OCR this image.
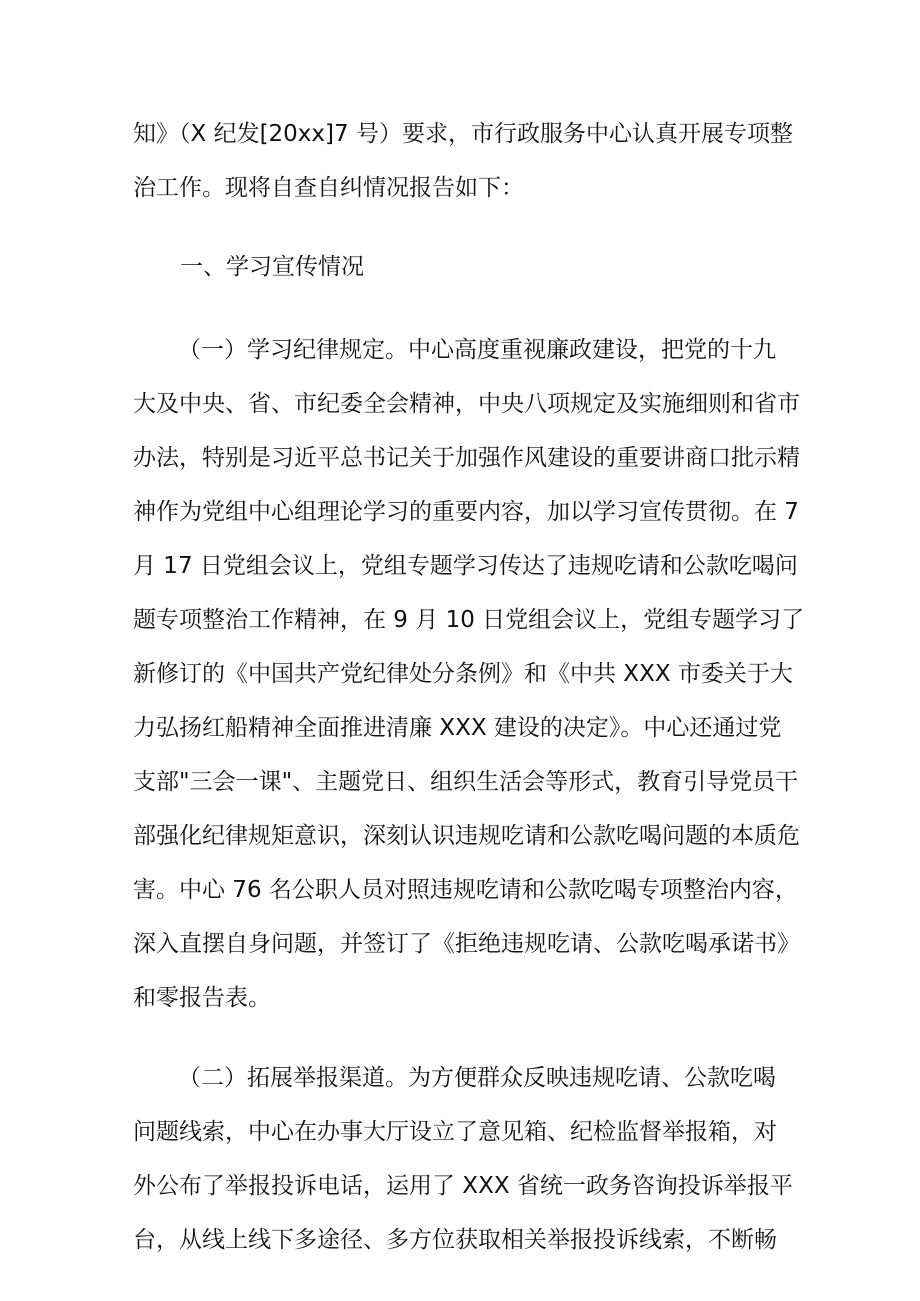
知》（X 纪发[20xx]7 号）要求，市行政服务中心认真开展专项整

治工作。现将自查自纠情况报告如下：

一、学习宣传情况

（一）学习纪律规定。中心高度重视廉政建设，把党的十九

大及中央、省、市纪委全会精神，中央八项规定及实施细则和省市

办法，特别是习近平总书记关于加强作风建设的重要讲商口批示精

神作为党组中心组理论学习的重要内容，加以学习宣传贯彻。在 7

月 17 日党组会议上，党组专题学习传达了违规吃请和公款吃喝问

题专项整治工作精神，在 9 月 10 日党组会议上，党组专题学习了

新修订的《中国共产党纪律处分条例》和《中共 XXX 市委关于大

力弘扬红船精神全面推进清廉 XXX 建设的决定》。中心还通过党

支部"三会一课"、主题党日、组织生活会等形式，教育引导党员干

部强化纪律规矩意识，深刻认识违规吃请和公款吃喝问题的本质危

害。中心 76 名公职人员对照违规吃请和公款吃喝专项整治内容，

深入直摆自身问题，并签订了《拒绝违规吃请、公款吃喝承诺书》

和零报告表。

（二）拓展举报渠道。为方便群众反映违规吃请、公款吃喝

问题线索，中心在办事大厅设立了意见箱、纪检监督举报箱，对

外公布了举报投诉电话，运用了 XXX 省统一政务咨询投诉举报平

台，从线上线下多途径、多方位获取相关举报投诉线索，不断畅
